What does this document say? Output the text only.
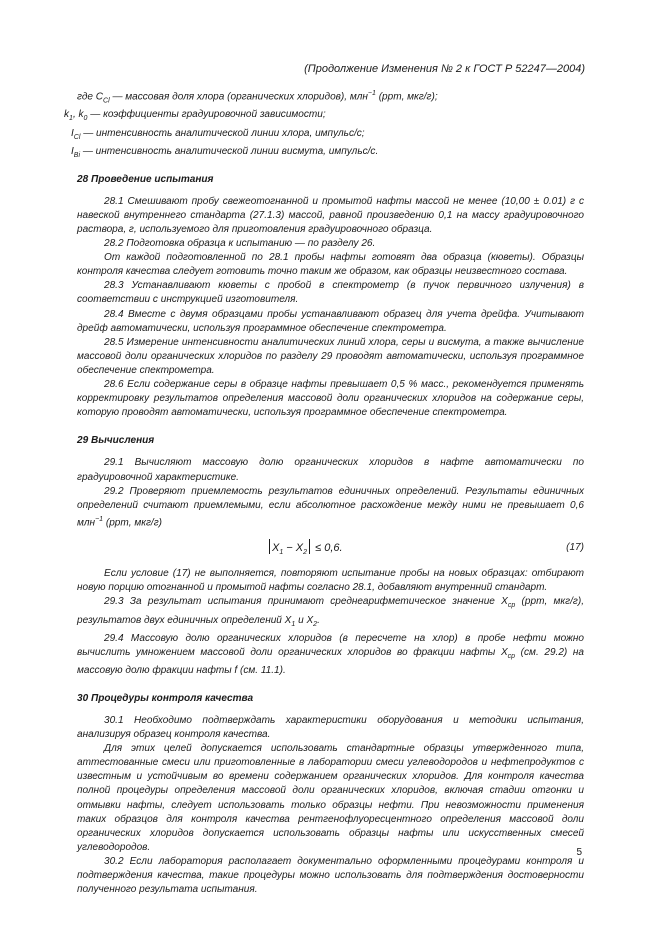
(Продолжение Изменения № 2 к ГОСТ Р 52247—2004)

где $C_{Cl}$ — массовая доля хлора (органических хлоридов), млн$^{-1}$ (ppm, мкг/г);

$k_1$, $k_0$ — коэффициенты градуировочной зависимости;

$I_{Cl}$ — интенсивность аналитической линии хлора, импульс/с;

$I_{Bi}$ — интенсивность аналитической линии висмута, импульс/с.

28 Проведение испытания

28.1 Смешивают пробу свежеотогнанной и промытой нафты массой не менее (10,00 ± 0.01) г с навеской внутреннего стандарта (27.1.3) массой, равной произведению 0,1 на массу градуировочного раствора, г, используемого для приготовления градуировочного образца.

28.2 Подготовка образца к испытанию — по разделу 26.

От каждой подготовленной по 28.1 пробы нафты готовят два образца (кюветы). Образцы контроля качества следует готовить точно таким же образом, как образцы неизвестного состава.

28.3 Устанавливают кюветы с пробой в спектрометр (в пучок первичного излучения) в соответствии с инструкцией изготовителя.

28.4 Вместе с двумя образцами пробы устанавливают образец для учета дрейфа. Учитывают дрейф автоматически, используя программное обеспечение спектрометра.

28.5 Измерение интенсивности аналитических линий хлора, серы и висмута, а также вычисление массовой доли органических хлоридов по разделу 29 проводят автоматически, используя программное обеспечение спектрометра.

28.6 Если содержание серы в образце нафты превышает 0,5 % масс., рекомендуется применять корректировку результатов определения массовой доли органических хлоридов на содержание серы, которую проводят автоматически, используя программное обеспечение спектрометра.

29 Вычисления

29.1 Вычисляют массовую долю органических хлоридов в нафте автоматически по градуировочной характеристике.

29.2 Проверяют приемлемость результатов единичных определений. Результаты единичных определений считают приемлемыми, если абсолютное расхождение между ними не превышает 0,6 млн$^{-1}$ (ppm, мкг/г)

$X_1 - X_2 \le 0,6$.	(17)

Если условие (17) не выполняется, повторяют испытание пробы на новых образцах: отбирают новую порцию отогнанной и промытой нафты согласно 28.1, добавляют внутренний стандарт.

29.3 За результат испытания принимают среднеарифметическое значение $X_{ср}$ (ppm, мкг/г), результатов двух единичных определений $X_1$ и $X_2$.

29.4 Массовую долю органических хлоридов (в пересчете на хлор) в пробе нефти можно вычислить умножением массовой доли органических хлоридов во фракции нафты $X_{ср}$ (см. 29.2) на массовую долю фракции нафты f (см. 11.1).

30 Процедуры контроля качества

30.1 Необходимо подтверждать характеристики оборудования и методики испытания, анализируя образец контроля качества.

Для этих целей допускается использовать стандартные образцы утвержденного типа, аттестованные смеси или приготовленные в лаборатории смеси углеводородов и нефтепродуктов с известным и устойчивым во времени содержанием органических хлоридов. Для контроля качества полной процедуры определения массовой доли органических хлоридов, включая стадии отгонки и отмывки нафты, следует использовать только образцы нефти. При невозможности применения таких образцов для контроля качества рентгенофлуоресцентного определения массовой доли органических хлоридов допускается использовать образцы нафты или искусственных смесей углеводородов.

30.2 Если лаборатория располагает документально оформленными процедурами контроля и подтверждения качества, такие процедуры можно использовать для подтверждения достоверности полученного результата испытания.

5
